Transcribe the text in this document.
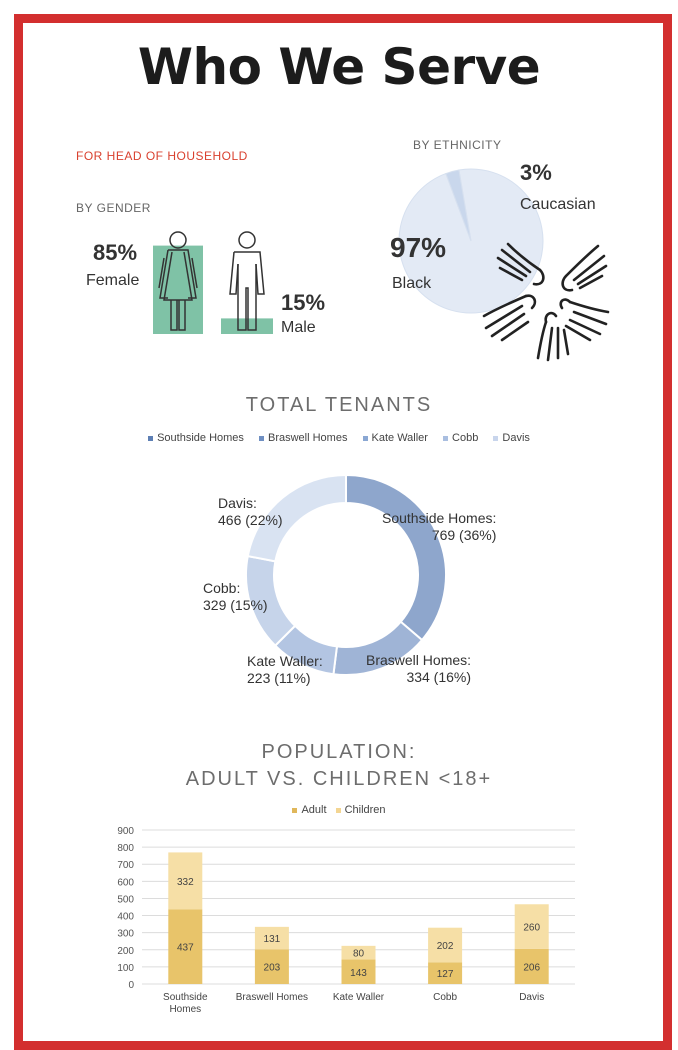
Who We Serve
FOR HEAD OF HOUSEHOLD
BY GENDER
85%
Female
15%
Male
BY ETHNICITY
3%
Caucasian
97%
Black
TOTAL TENANTS
Southside Homes Braswell Homes Kate Waller Cobb Davis
Davis:
466 (22%)	Southside Homes:
769 (36%)
Cobb:
329 (15%)
Kate Waller:
223 (11%)
Braswell Homes:
334 (16%)
POPULATION:
ADULT VS. CHILDREN <18+
Adult Children
0
100
200
300
400
500
600
700
800
900
437
332
203
131
143
80
127
202
206
260
Southside
Homes
Braswell Homes Kate Waller	Cobb	Davis
